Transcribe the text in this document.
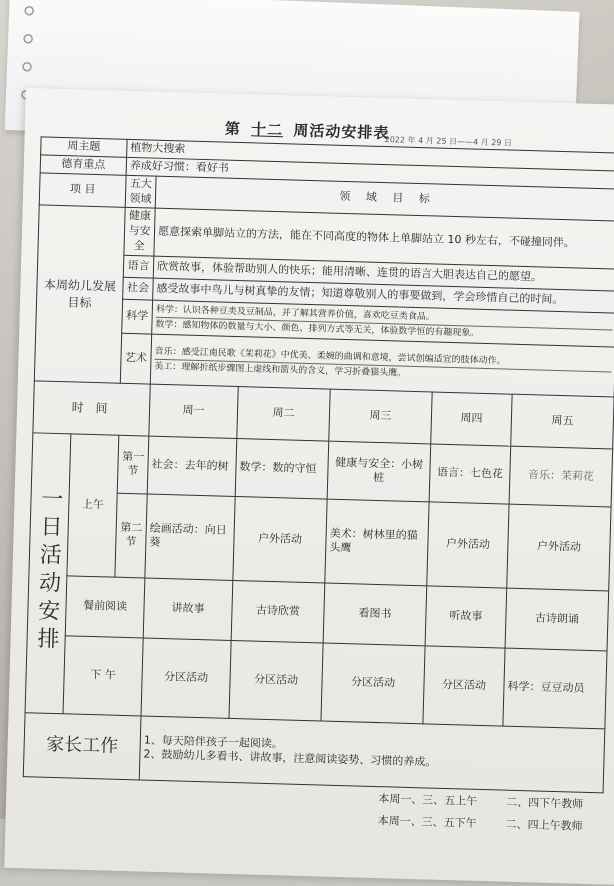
第 十二 周活动安排表
2022 年 4 月 25 日——4 月 29 日
周主题		植物大搜索					
德育重点		养成好习惯：看好书					
项 目		五大领域	领 域 目 标				
本周幼儿发展目标		健康与安全	愿意探索单脚站立的方法，能在不同高度的物体上单脚站立 10 秒左右，不碰撞同伴。				
		语言	欣赏故事，体验帮助别人的快乐；能用清晰、连贯的语言大胆表达自己的愿望。				
		社会	感受故事中鸟儿与树真挚的友情；知道尊敬别人的事要做到，学会珍惜自己的时间。				
		科学	科学：认识各种豆类及豆制品，并了解其营养价值，喜欢吃豆类食品。
数学：感知物体的数量与大小、颜色、排列方式等无关，体验数学恒的有趣现象。				

		艺术	音乐：感受江南民歌《茉莉花》中优美、柔婉的曲调和意境，尝试创编适宜的肢体动作。
美工：理解折纸步骤图上虚线和箭头的含义，学习折叠猫头鹰。				

时 间			周一	周二	周三	周四	周五
一日活动安排	上午	第一节	社会：去年的树	数学：数的守恒	健康与安全：小树桩	语言：七色花	音乐：茉莉花
		第二节	绘画活动：向日葵	户外活动	美术：树林里的猫头鹰	户外活动	户外活动
	餐前阅读		讲故事	古诗欣赏	看图书	听故事	古诗朗诵
	下 午		分区活动	分区活动	分区活动	分区活动	科学：豆豆动员
家长工作			1、每天陪伴孩子一起阅读。
2、鼓励幼儿多看书、讲故事，注意阅读姿势、习惯的养成。				
本周一、三、五上午	二、四下午教师
本周一、三、五下午	二、四上午教师
